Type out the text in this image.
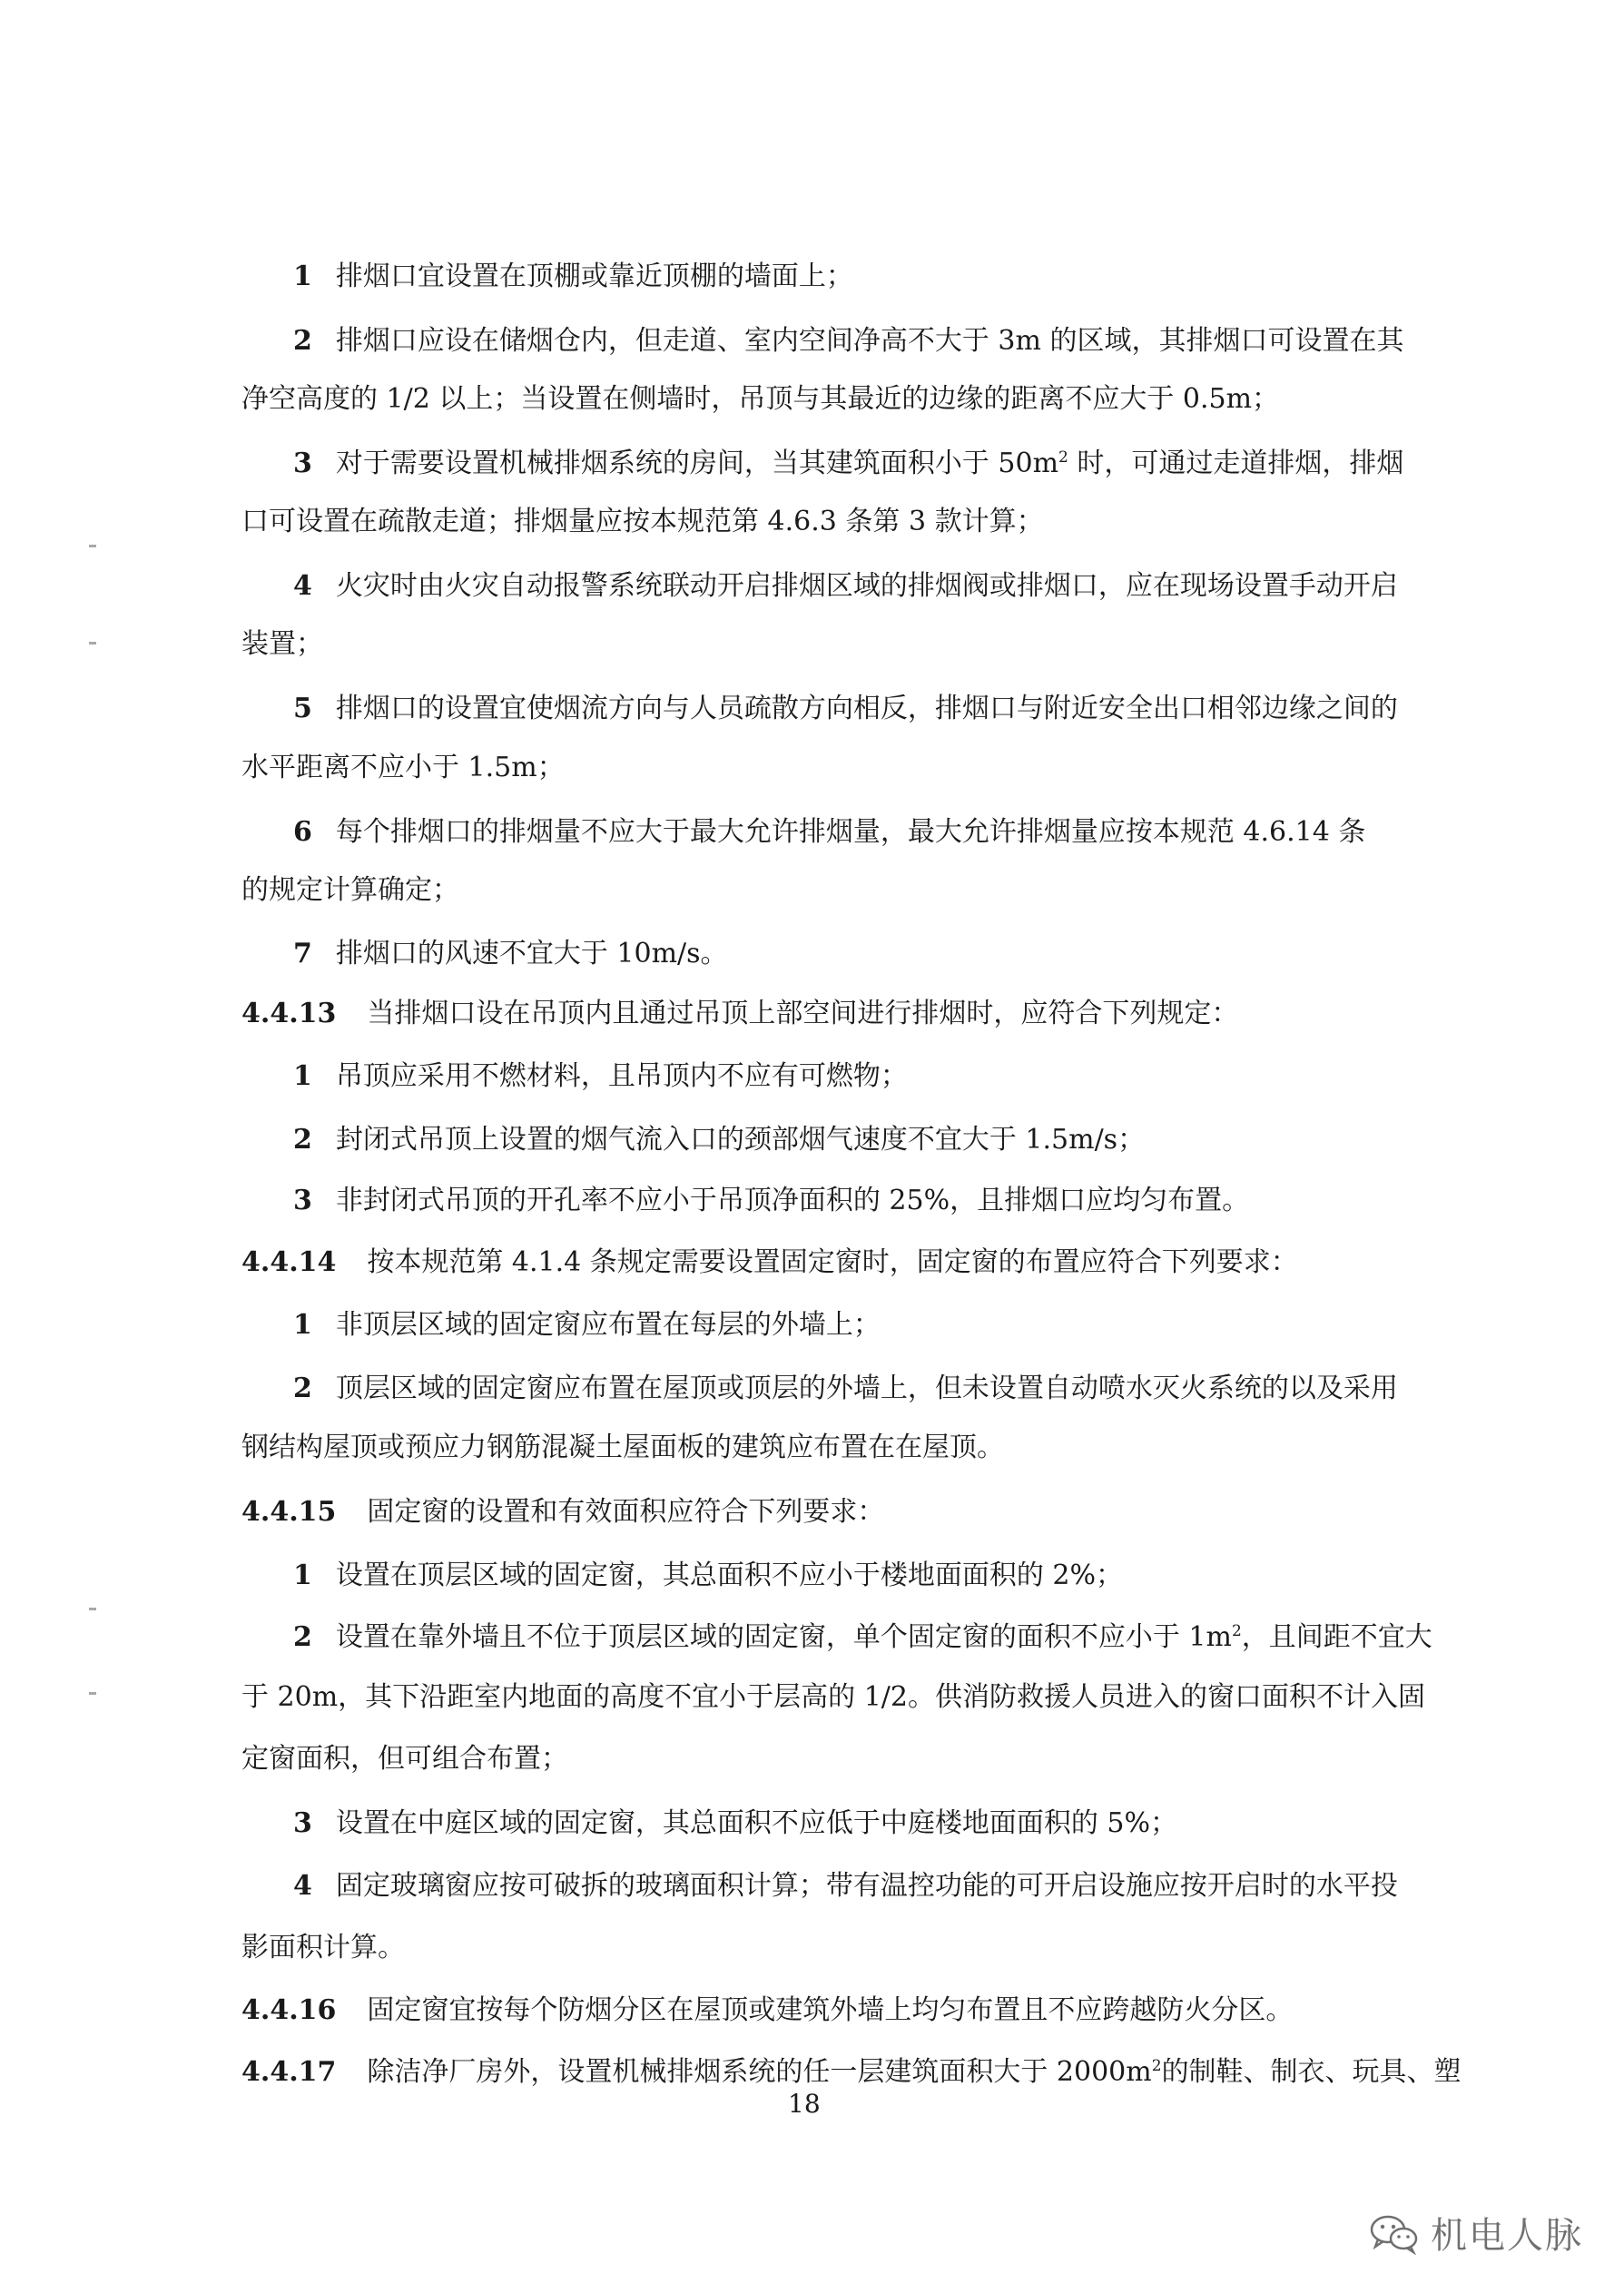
1 排烟口宜设置在顶棚或靠近顶棚的墙面上；
2 排烟口应设在储烟仓内，但走道、室内空间净高不大于 3m 的区域，其排烟口可设置在其
净空高度的 1/2 以上；当设置在侧墙时，吊顶与其最近的边缘的距离不应大于 0.5m；
3 对于需要设置机械排烟系统的房间，当其建筑面积小于 $50m^2$ 时，可通过走道排烟，排烟
口可设置在疏散走道；排烟量应按本规范第 4.6.3 条第 3 款计算；
4 火灾时由火灾自动报警系统联动开启排烟区域的排烟阀或排烟口，应在现场设置手动开启
装置；
5 排烟口的设置宜使烟流方向与人员疏散方向相反，排烟口与附近安全出口相邻边缘之间的
水平距离不应小于 1.5m；
6 每个排烟口的排烟量不应大于最大允许排烟量，最大允许排烟量应按本规范 4.6.14 条
的规定计算确定；
7 排烟口的风速不宜大于 10m/s。
4.4.13 当排烟口设在吊顶内且通过吊顶上部空间进行排烟时，应符合下列规定：
1 吊顶应采用不燃材料，且吊顶内不应有可燃物；
2 封闭式吊顶上设置的烟气流入口的颈部烟气速度不宜大于 1.5m/s；
3 非封闭式吊顶的开孔率不应小于吊顶净面积的 25%，且排烟口应均匀布置。
4.4.14 按本规范第 4.1.4 条规定需要设置固定窗时，固定窗的布置应符合下列要求：
1 非顶层区域的固定窗应布置在每层的外墙上；
2 顶层区域的固定窗应布置在屋顶或顶层的外墙上，但未设置自动喷水灭火系统的以及采用
钢结构屋顶或预应力钢筋混凝土屋面板的建筑应布置在在屋顶。
4.4.15 固定窗的设置和有效面积应符合下列要求：
1 设置在顶层区域的固定窗，其总面积不应小于楼地面面积的 2%；
2 设置在靠外墙且不位于顶层区域的固定窗，单个固定窗的面积不应小于 $1m^2$，且间距不宜大
于 20m，其下沿距室内地面的高度不宜小于层高的 1/2。供消防救援人员进入的窗口面积不计入固
定窗面积，但可组合布置；
3 设置在中庭区域的固定窗，其总面积不应低于中庭楼地面面积的 5%；
4 固定玻璃窗应按可破拆的玻璃面积计算；带有温控功能的可开启设施应按开启时的水平投
影面积计算。
4.4.16 固定窗宜按每个防烟分区在屋顶或建筑外墙上均匀布置且不应跨越防火分区。
4.4.17 除洁净厂房外，设置机械排烟系统的任一层建筑面积大于 $2000m^2$的制鞋、制衣、玩具、塑
18
机电人脉
